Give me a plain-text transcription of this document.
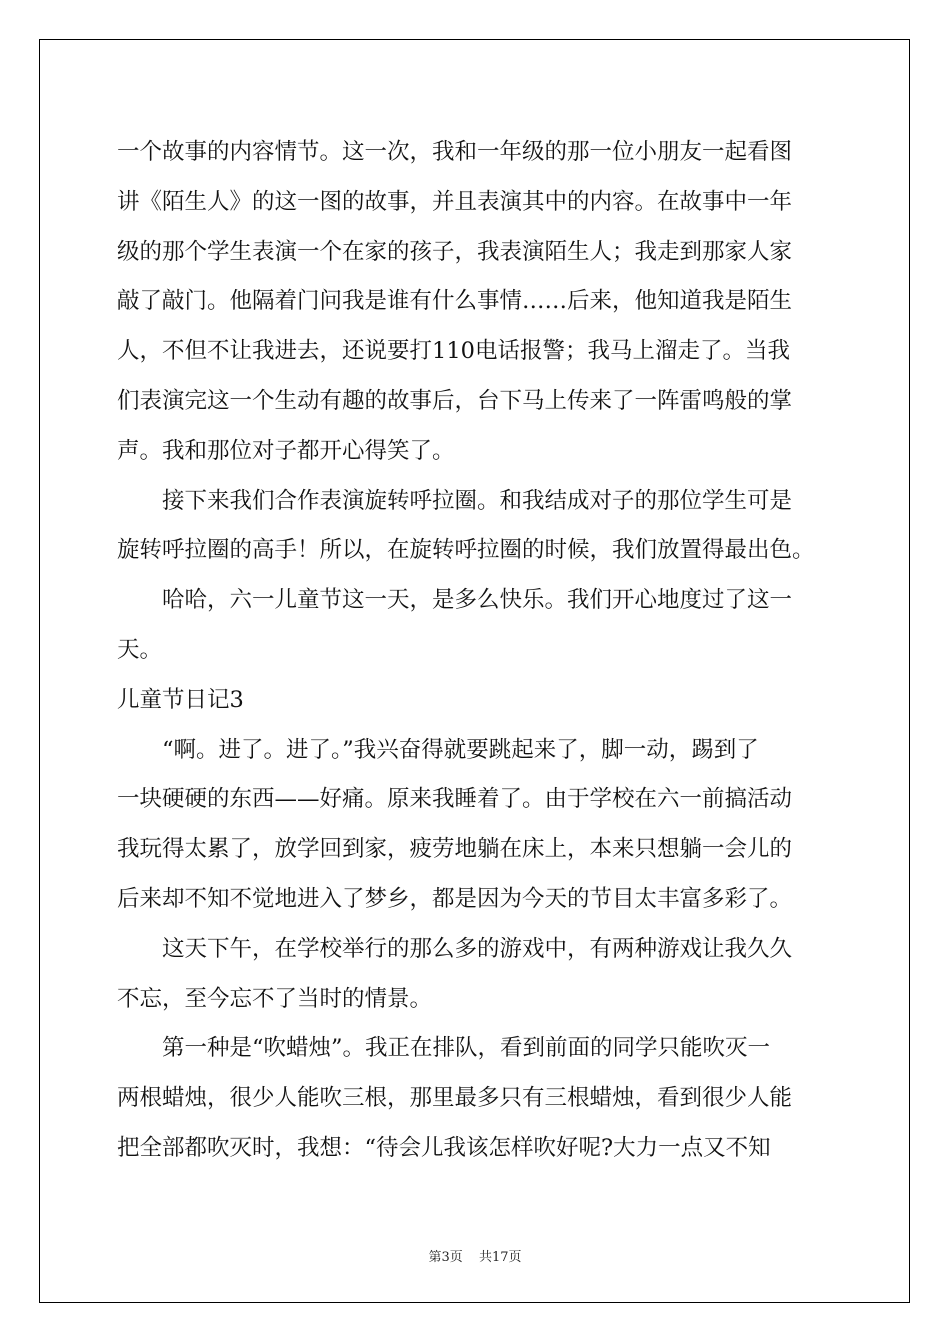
一个故事的内容情节。这一次，我和一年级的那一位小朋友一起看图

讲《陌生人》的这一图的故事，并且表演其中的内容。在故事中一年

级的那个学生表演一个在家的孩子，我表演陌生人；我走到那家人家

敲了敲门。他隔着门问我是谁有什么事情……后来，他知道我是陌生

人，不但不让我进去，还说要打110电话报警；我马上溜走了。当我

们表演完这一个生动有趣的故事后，台下马上传来了一阵雷鸣般的掌

声。我和那位对子都开心得笑了。

接下来我们合作表演旋转呼拉圈。和我结成对子的那位学生可是

旋转呼拉圈的高手！所以，在旋转呼拉圈的时候，我们放置得最出色。

哈哈，六一儿童节这一天，是多么快乐。我们开心地度过了这一

天。

儿童节日记3

“啊。进了。进了。”我兴奋得就要跳起来了，脚一动，踢到了

一块硬硬的东西——好痛。原来我睡着了。由于学校在六一前搞活动

我玩得太累了，放学回到家，疲劳地躺在床上，本来只想躺一会儿的

后来却不知不觉地进入了梦乡，都是因为今天的节目太丰富多彩了。

这天下午，在学校举行的那么多的游戏中，有两种游戏让我久久

不忘，至今忘不了当时的情景。

第一种是“吹蜡烛”。我正在排队，看到前面的同学只能吹灭一

两根蜡烛，很少人能吹三根，那里最多只有三根蜡烛，看到很少人能

把全部都吹灭时，我想：“待会儿我该怎样吹好呢?大力一点又不知

第3页 共17页
